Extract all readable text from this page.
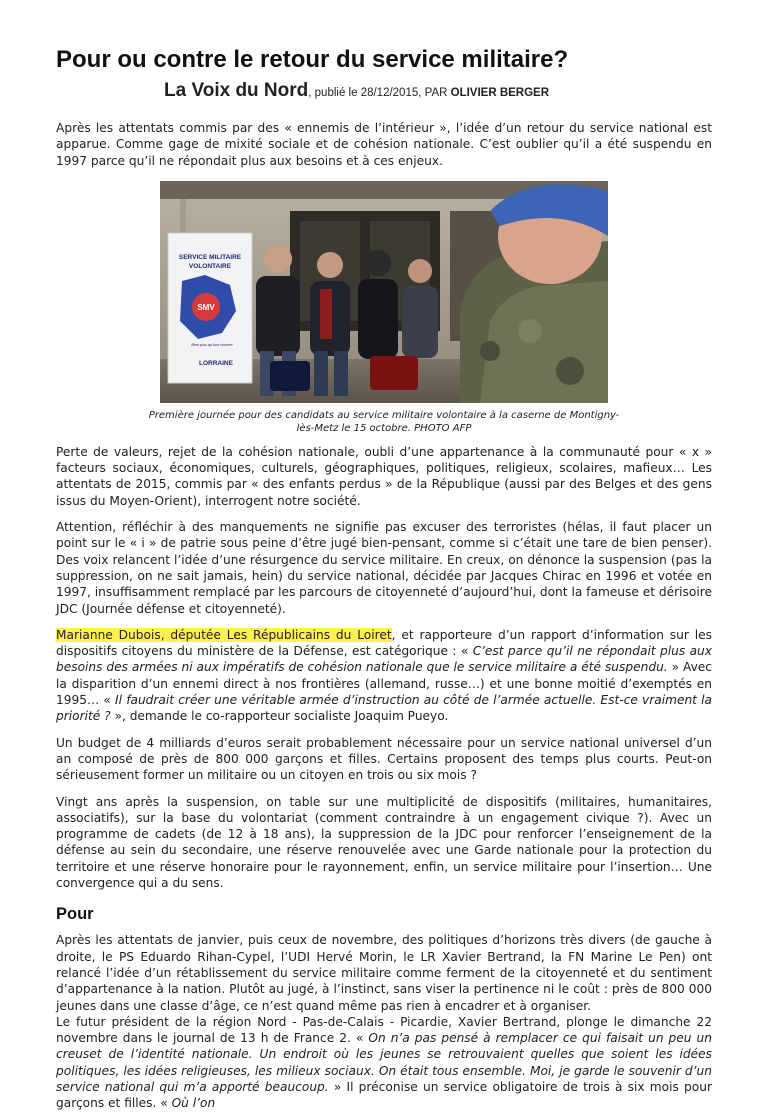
Pour ou contre le retour du service militaire?
La Voix du Nord, publié le 28/12/2015, PAR OLIVIER BERGER

Après les attentats commis par des « ennemis de l’intérieur », l’idée d’un retour du service national est apparue. Comme gage de mixité sociale et de cohésion nationale. C’est oublier qu’il a été suspendu en 1997 parce qu’il ne répondait plus aux besoins et à ces enjeux.

SERVICE MILITAIRE
VOLONTAIRE
SMV
Bien plus qu'une chance
LORRAINE
Première journée pour des candidats au service militaire volontaire à la caserne de Montigny-lès-Metz le 15 octobre. PHOTO AFP

Perte de valeurs, rejet de la cohésion nationale, oubli d’une appartenance à la communauté pour « x » facteurs sociaux, économiques, culturels, géographiques, politiques, religieux, scolaires, mafieux… Les attentats de 2015, commis par « des enfants perdus » de la République (aussi par des Belges et des gens issus du Moyen-Orient), interrogent notre société.

Attention, réfléchir à des manquements ne signifie pas excuser des terroristes (hélas, il faut placer un point sur le « i » de patrie sous peine d’être jugé bien-pensant, comme si c’était une tare de bien penser). Des voix relancent l’idée d’une résurgence du service militaire. En creux, on dénonce la suspension (pas la suppression, on ne sait jamais, hein) du service national, décidée par Jacques Chirac en 1996 et votée en 1997, insuffisamment remplacé par les parcours de citoyenneté d’aujourd’hui, dont la fameuse et dérisoire JDC (Journée défense et citoyenneté).

Marianne Dubois, députée Les Républicains du Loiret, et rapporteure d’un rapport d’information sur les dispositifs citoyens du ministère de la Défense, est catégorique : « C’est parce qu’il ne répondait plus aux besoins des armées ni aux impératifs de cohésion nationale que le service militaire a été suspendu. » Avec la disparition d’un ennemi direct à nos frontières (allemand, russe…) et une bonne moitié d’exemptés en 1995… « Il faudrait créer une véritable armée d’instruction au côté de l’armée actuelle. Est-ce vraiment la priorité ? », demande le co-rapporteur socialiste Joaquim Pueyo.

Un budget de 4 milliards d’euros serait probablement nécessaire pour un service national universel d’un an composé de près de 800 000 garçons et filles. Certains proposent des temps plus courts. Peut-on sérieusement former un militaire ou un citoyen en trois ou six mois ?

Vingt ans après la suspension, on table sur une multiplicité de dispositifs (militaires, humanitaires, associatifs), sur la base du volontariat (comment contraindre à un engagement civique ?). Avec un programme de cadets (de 12 à 18 ans), la suppression de la JDC pour renforcer l’enseignement de la défense au sein du secondaire, une réserve renouvelée avec une Garde nationale pour la protection du territoire et une réserve honoraire pour le rayonnement, enfin, un service militaire pour l’insertion… Une convergence qui a du sens.

Pour

Après les attentats de janvier, puis ceux de novembre, des politiques d’horizons très divers (de gauche à droite, le PS Eduardo Rihan-Cypel, l’UDI Hervé Morin, le LR Xavier Bertrand, la FN Marine Le Pen) ont relancé l’idée d’un rétablissement du service militaire comme ferment de la citoyenneté et du sentiment d’appartenance à la nation. Plutôt au jugé, à l’instinct, sans viser la pertinence ni le coût : près de 800 000 jeunes dans une classe d’âge, ce n’est quand même pas rien à encadrer et à organiser.
Le futur président de la région Nord - Pas-de-Calais - Picardie, Xavier Bertrand, plonge le dimanche 22 novembre dans le journal de 13 h de France 2. « On n’a pas pensé à remplacer ce qui faisait un peu un creuset de l’identité nationale. Un endroit où les jeunes se retrouvaient quelles que soient les idées politiques, les idées religieuses, les milieux sociaux. On était tous ensemble. Moi, je garde le souvenir d’un service national qui m’a apporté beaucoup. » Il préconise un service obligatoire de trois à six mois pour garçons et filles. « Où l’on
